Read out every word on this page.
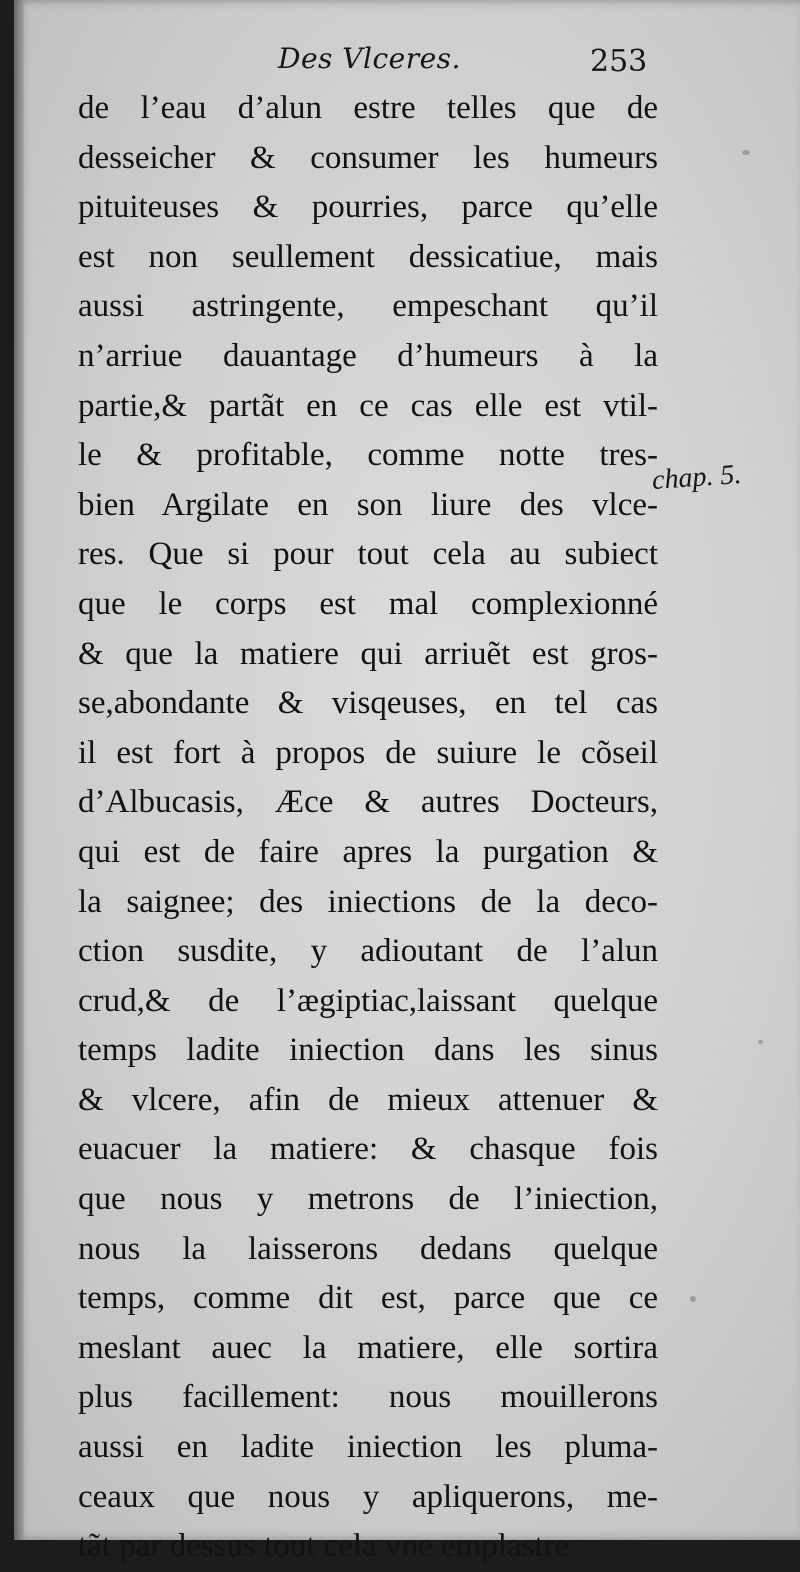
Des Vlceres.	253
de l’eau d’alun estre telles que de
desseicher & consumer les humeurs
pituiteuses & pourries, parce qu’elle
est non seullement dessicatiue, mais
aussi astringente, empeschant qu’il
n’arriue dauantage d’humeurs à la
partie,& partãt en ce cas elle est vtil-
le & profitable, comme notte tres-
bien Argilate en son liure des vlce-
res. Que si pour tout cela au subiect
que le corps est mal complexionné
& que la matiere qui arriuẽt est gros-
se,abondante & visqeuses, en tel cas
il est fort à propos de suiure le cõseil
d’Albucasis, Æce & autres Docteurs,
qui est de faire apres la purgation &
la saignee; des iniections de la deco-
ction susdite, y adioutant de l’alun
crud,& de l’ægiptiac,laissant quelque
temps ladite iniection dans les sinus
& vlcere, afin de mieux attenuer &
euacuer la matiere: & chasque fois
que nous y metrons de l’iniection,
nous la laisserons dedans quelque
temps, comme dit est, parce que ce
meslant auec la matiere, elle sortira
plus facillement: nous mouillerons
aussi en ladite iniection les pluma-
ceaux que nous y apliquerons, me-
tãt par dessus tout cela vne emplastre
chap. 5.
